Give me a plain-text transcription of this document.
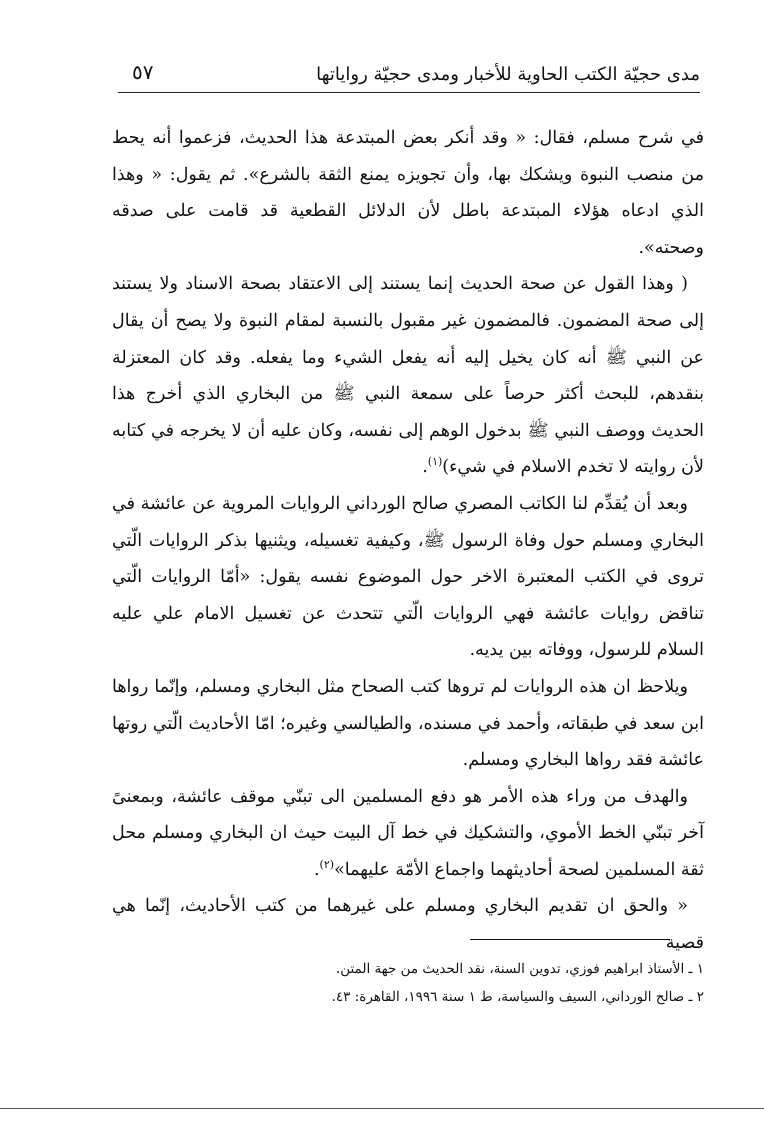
مدى حجيّة الكتب الحاوية للأخبار ومدى حجيّة رواياتها
٥٧

في شرح مسلم، فقال: « وقد أنكر بعض المبتدعة هذا الحديث، فزعموا أنه يحط من منصب النبوة ويشكك بها، وأن تجويزه يمنع الثقة بالشرع». ثم يقول: « وهذا الذي ادعاه هؤلاء المبتدعة باطل لأن الدلائل القطعية قد قامت على صدقه وصحته».

( وهذا القول عن صحة الحديث إنما يستند إلى الاعتقاد بصحة الاسناد ولا يستند إلى صحة المضمون. فالمضمون غير مقبول بالنسبة لمقام النبوة ولا يصح أن يقال عن النبي ﷺ أنه كان يخيل إليه أنه يفعل الشيء وما يفعله. وقد كان المعتزلة بنقدهم، للبحث أكثر حرصاً على سمعة النبي ﷺ من البخاري الذي أخرج هذا الحديث ووصف النبي ﷺ بدخول الوهم إلى نفسه، وكان عليه أن لا يخرجه في كتابه لأن روايته لا تخدم الاسلام في شيء)$^{(١)}$.

وبعد أن يُقدِّم لنا الكاتب المصري صالح الورداني الروايات المروية عن عائشة في البخاري ومسلم حول وفاة الرسول ﷺ، وكيفية تغسيله، ويثنيها بذكر الروايات الّتي تروى في الكتب المعتبرة الاخر حول الموضوع نفسه يقول: «أمّا الروايات الّتي تناقض روايات عائشة فهي الروايات الّتي تتحدث عن تغسيل الامام علي عليه السلام للرسول، ووفاته بين يديه.

ويلاحظ ان هذه الروايات لم تروها كتب الصحاح مثل البخاري ومسلم، وإنّما رواها ابن سعد في طبقاته، وأحمد في مسنده، والطيالسي وغيره؛ امّا الأحاديث الّتي روتها عائشة فقد رواها البخاري ومسلم.

والهدف من وراء هذه الأمر هو دفع المسلمين الى تبنّي موقف عائشة، وبمعنىً آخر تبنّي الخط الأموي، والتشكيك في خط آل البيت حيث ان البخاري ومسلم محل ثقة المسلمين لصحة أحاديثهما واجماع الأمّة عليهما»$^{(٢)}$.

« والحق ان تقديم البخاري ومسلم على غيرهما من كتب الأحاديث، إنّما هي قصية

١ ـ الأستاذ ابراهيم فوزي، تدوين السنة، نقد الحديث من جهة المتن.

٢ ـ صالح الورداني، السيف والسياسة، ط ١ سنة ١٩٩٦، القاهرة: ٤٣.
